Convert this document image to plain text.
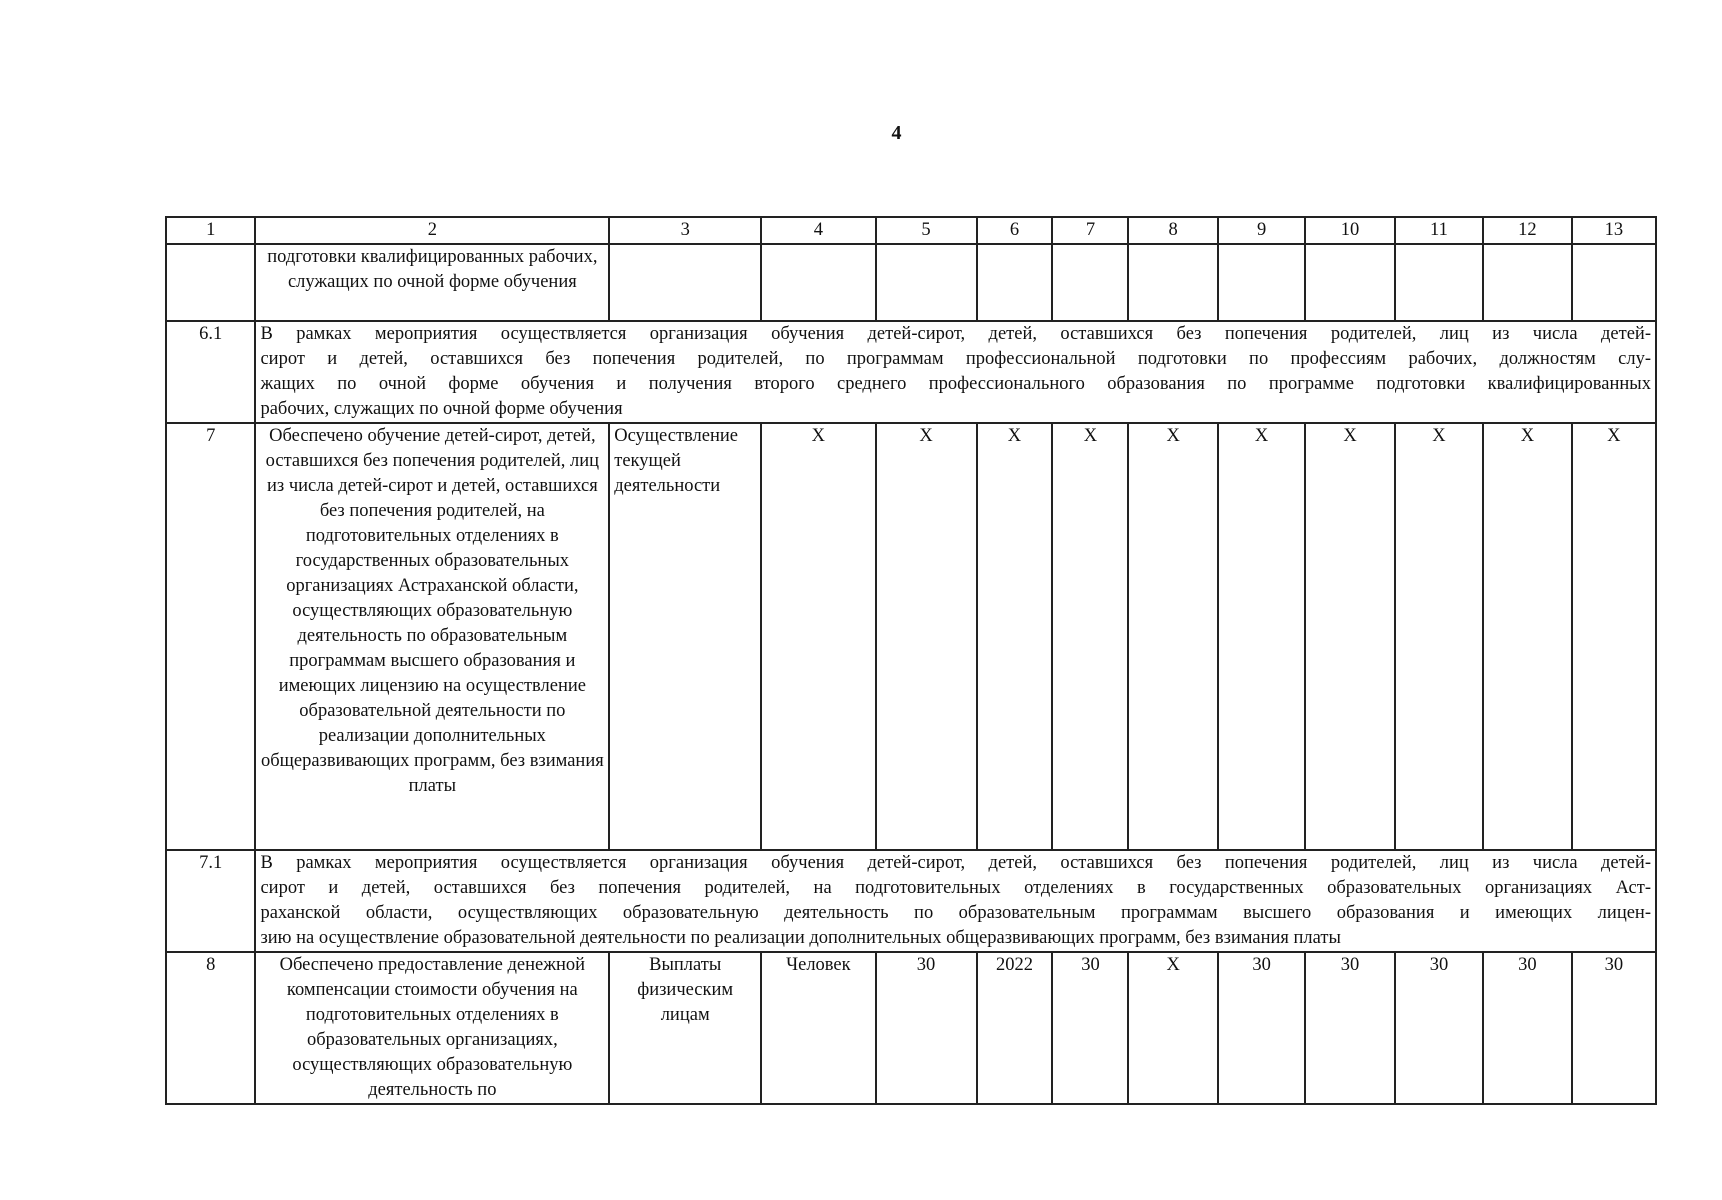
4
1	2	3	4	5	6	7	8	9	10	11	12	13
	подготовки квалифицированных рабочих, служащих по очной форме обучения											
6.1	В рамках мероприятия осуществляется организация обучения детей-сирот, детей, оставшихся без попечения родителей, лиц из числа детей-
сирот и детей, оставшихся без попечения родителей, по программам профессиональной подготовки по профессиям рабочих, должностям слу-
жащих по очной форме обучения и получения второго среднего профессионального образования по программе подготовки квалифицированных
рабочих, служащих по очной форме обучения											

7	Обеспечено обучение детей-сирот, детей, оставшихся без попечения родителей, лиц из числа детей-сирот и детей, оставшихся без попечения родителей, на подготовительных отделениях в государственных образовательных организациях Астраханской области, осуществляющих образовательную деятельность по образовательным программам высшего образования и имеющих лицензию на осуществление образовательной деятельности по реализации дополнительных общеразвивающих программ, без взимания платы	Осуществление текущей деятельности	X	X	X	X	X	X	X	X	X	X
7.1	В рамках мероприятия осуществляется организация обучения детей-сирот, детей, оставшихся без попечения родителей, лиц из числа детей-
сирот и детей, оставшихся без попечения родителей, на подготовительных отделениях в государственных образовательных организациях Аст-
раханской области, осуществляющих образовательную деятельность по образовательным программам высшего образования и имеющих лицен-
зию на осуществление образовательной деятельности по реализации дополнительных общеразвивающих программ, без взимания платы											

8	Обеспечено предоставление денежной компенсации стоимости обучения на подготовительных отделениях в образовательных организациях, осуществляющих образовательную деятельность по	Выплаты физическим лицам	Человек	30	2022	30	X	30	30	30	30	30
